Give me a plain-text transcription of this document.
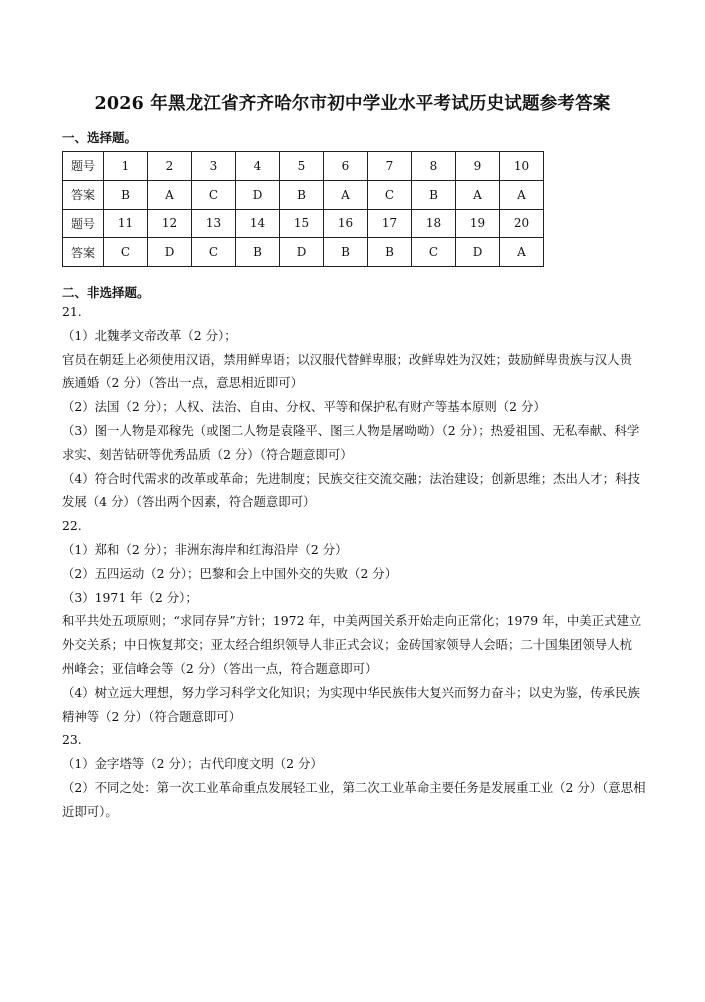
2026 年黑龙江省齐齐哈尔市初中学业水平考试历史试题参考答案
一、选择题。
题号	1	2	3	4	5	6	7	8	9	10
答案	B	A	C	D	B	A	C	B	A	A
题号	11	12	13	14	15	16	17	18	19	20
答案	C	D	C	B	D	B	B	C	D	A
二、非选择题。

21.

（1）北魏孝文帝改革（2 分）；

官员在朝廷上必须使用汉语，禁用鲜卑语；以汉服代替鲜卑服；改鲜卑姓为汉姓；鼓励鲜卑贵族与汉人贵

族通婚（2 分）（答出一点，意思相近即可）

（2）法国（2 分）；人权、法治、自由、分权、平等和保护私有财产等基本原则（2 分）

（3）图一人物是邓稼先（或图二人物是袁隆平、图三人物是屠呦呦）（2 分）；热爱祖国、无私奉献、科学

求实、刻苦钻研等优秀品质（2 分）（符合题意即可）

（4）符合时代需求的改革或革命；先进制度；民族交往交流交融；法治建设；创新思维；杰出人才；科技

发展（4 分）（答出两个因素，符合题意即可）

22.

（1）郑和（2 分）；非洲东海岸和红海沿岸（2 分）

（2）五四运动（2 分）；巴黎和会上中国外交的失败（2 分）

（3）1971 年（2 分）；

和平共处五项原则；“求同存异”方针；1972 年，中美两国关系开始走向正常化；1979 年，中美正式建立

外交关系；中日恢复邦交；亚太经合组织领导人非正式会议；金砖国家领导人会晤；二十国集团领导人杭

州峰会；亚信峰会等（2 分）（答出一点，符合题意即可）

（4）树立远大理想，努力学习科学文化知识；为实现中华民族伟大复兴而努力奋斗；以史为鉴，传承民族

精神等（2 分）（符合题意即可）

23.

（1）金字塔等（2 分）；古代印度文明（2 分）

（2）不同之处：第一次工业革命重点发展轻工业，第二次工业革命主要任务是发展重工业（2 分）（意思相

近即可）。
